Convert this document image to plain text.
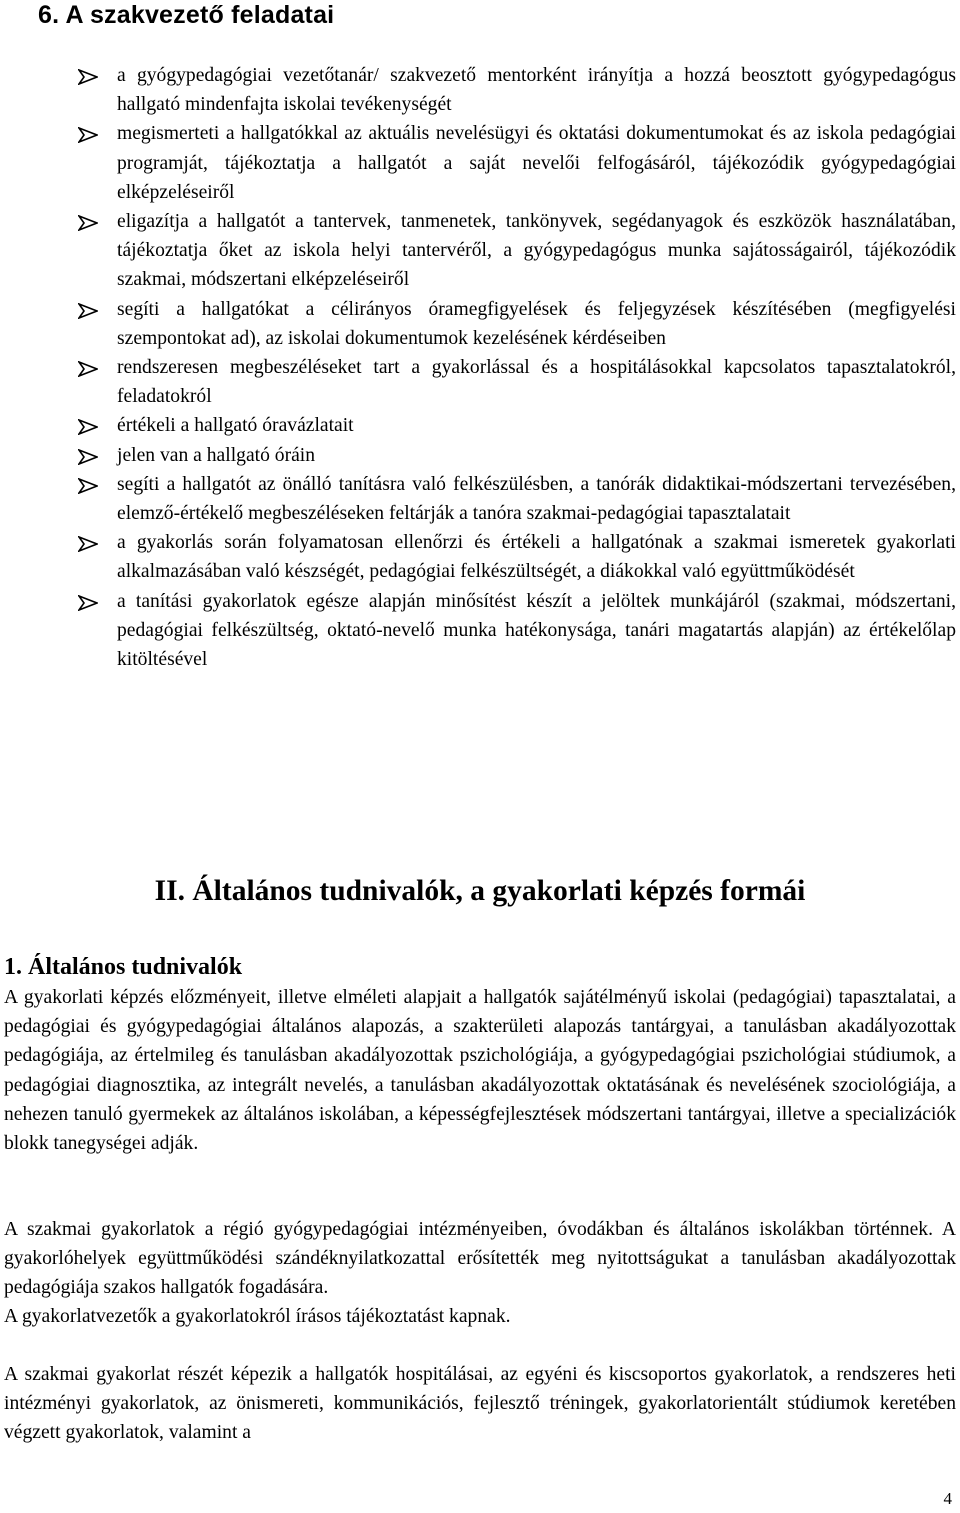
6. A szakvezető feladatai
a gyógypedagógiai vezetőtanár/ szakvezető mentorként irányítja a hozzá beosztott gyógypedagógus hallgató mindenfajta iskolai tevékenységét
megismerteti a hallgatókkal az aktuális nevelésügyi és oktatási dokumentumokat és az iskola pedagógiai programját, tájékoztatja a hallgatót a saját nevelői felfogásáról, tájékozódik gyógypedagógiai elképzeléseiről
eligazítja a hallgatót a tantervek, tanmenetek, tankönyvek, segédanyagok és eszközök használatában, tájékoztatja őket az iskola helyi tantervéről, a gyógypedagógus munka sajátosságairól, tájékozódik szakmai, módszertani elképzeléseiről
segíti a hallgatókat a célirányos óramegfigyelések és feljegyzések készítésében (megfigyelési szempontokat ad), az iskolai dokumentumok kezelésének kérdéseiben
rendszeresen megbeszéléseket tart a gyakorlással és a hospitálásokkal kapcsolatos tapasztalatokról, feladatokról
értékeli a hallgató óravázlatait
jelen van a hallgató óráin
segíti a hallgatót az önálló tanításra való felkészülésben, a tanórák didaktikai-módszertani tervezésében, elemző-értékelő megbeszéléseken feltárják a tanóra szakmai-pedagógiai tapasztalatait
a gyakorlás során folyamatosan ellenőrzi és értékeli a hallgatónak a szakmai ismeretek gyakorlati alkalmazásában való készségét, pedagógiai felkészültségét, a diákokkal való együttműködését
a tanítási gyakorlatok egésze alapján minősítést készít a jelöltek munkájáról (szakmai, módszertani, pedagógiai felkészültség, oktató-nevelő munka hatékonysága, tanári magatartás alapján) az értékelőlap kitöltésével
II. Általános tudnivalók, a gyakorlati képzés formái
1. Általános tudnivalók

A gyakorlati képzés előzményeit, illetve elméleti alapjait a hallgatók sajátélményű iskolai (pedagógiai) tapasztalatai, a pedagógiai és gyógypedagógiai általános alapozás, a szakterületi alapozás tantárgyai, a tanulásban akadályozottak pedagógiája, az értelmileg és tanulásban akadályozottak pszichológiája, a gyógypedagógiai pszichológiai stúdiumok, a pedagógiai diagnosztika, az integrált nevelés, a tanulásban akadályozottak oktatásának és nevelésének szociológiája, a nehezen tanuló gyermekek az általános iskolában, a képességfejlesztések módszertani tantárgyai, illetve a specializációk blokk tanegységei adják.

A szakmai gyakorlatok a régió gyógypedagógiai intézményeiben, óvodákban és általános iskolákban történnek. A gyakorlóhelyek együttműködési szándéknyilatkozattal erősítették meg nyitottságukat a tanulásban akadályozottak pedagógiája szakos hallgatók fogadására.

A gyakorlatvezetők a gyakorlatokról írásos tájékoztatást kapnak.

A szakmai gyakorlat részét képezik a hallgatók hospitálásai, az egyéni és kiscsoportos gyakorlatok, a rendszeres heti intézményi gyakorlatok, az önismereti, kommunikációs, fejlesztő tréningek, gyakorlatorientált stúdiumok keretében végzett gyakorlatok, valamint a

4
